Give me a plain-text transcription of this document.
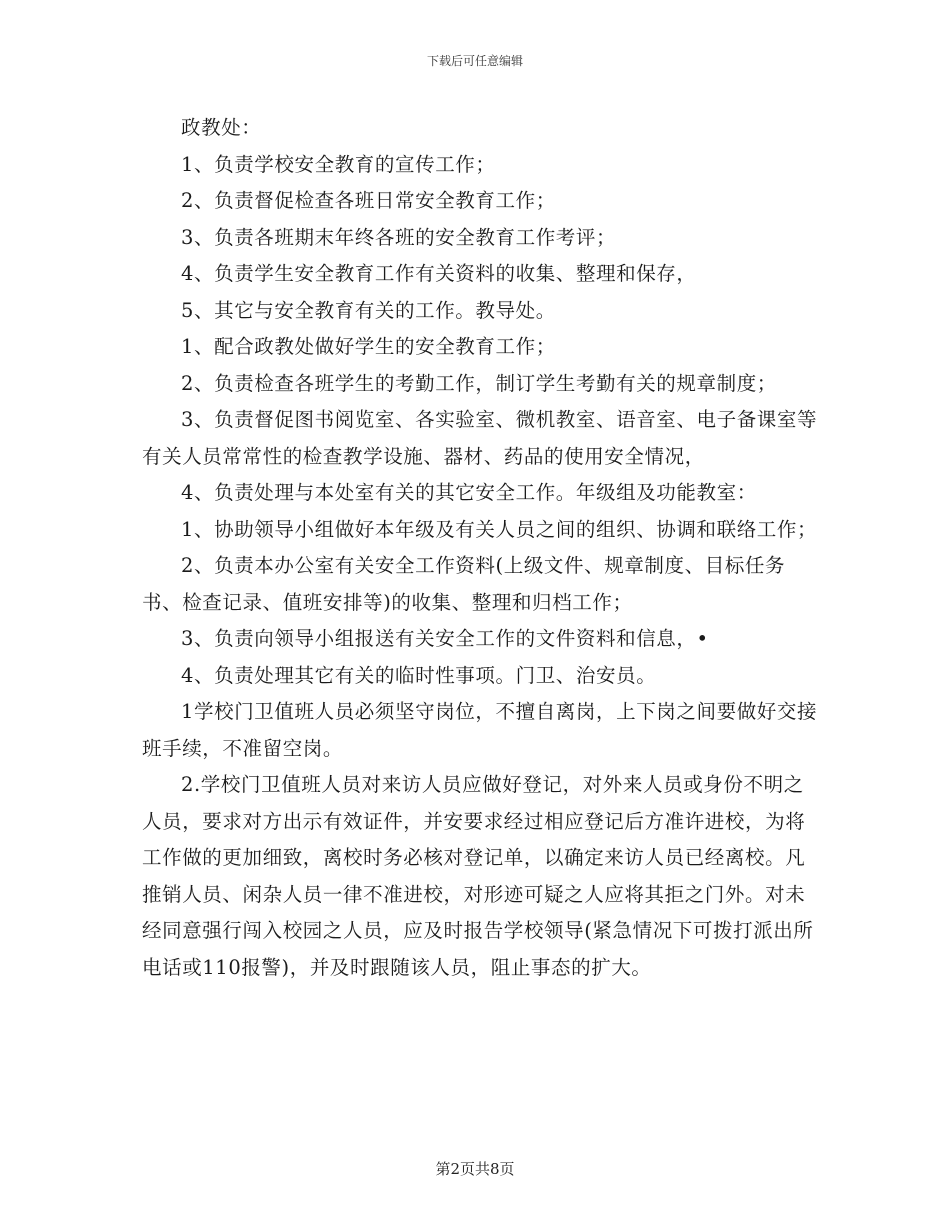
下载后可任意编辑

政教处：

1、负责学校安全教育的宣传工作；

2、负责督促检查各班日常安全教育工作；

3、负责各班期末年终各班的安全教育工作考评；

4、负责学生安全教育工作有关资料的收集、整理和保存，

5、其它与安全教育有关的工作。教导处。

1、配合政教处做好学生的安全教育工作；

2、负责检查各班学生的考勤工作，制订学生考勤有关的规章制度；

3、负责督促图书阅览室、各实验室、微机教室、语音室、电子备课室等有关人员常常性的检查教学设施、器材、药品的使用安全情况，

4、负责处理与本处室有关的其它安全工作。年级组及功能教室：

1、协助领导小组做好本年级及有关人员之间的组织、协调和联络工作；

2、负责本办公室有关安全工作资料(上级文件、规章制度、目标任务书、检查记录、值班安排等)的收集、整理和归档工作；

3、负责向领导小组报送有关安全工作的文件资料和信息，•

4、负责处理其它有关的临时性事项。门卫、治安员。

1学校门卫值班人员必须坚守岗位，不擅自离岗，上下岗之间要做好交接班手续，不准留空岗。

2.学校门卫值班人员对来访人员应做好登记，对外来人员或身份不明之人员，要求对方出示有效证件，并安要求经过相应登记后方准许进校，为将工作做的更加细致，离校时务必核对登记单，以确定来访人员已经离校。凡推销人员、闲杂人员一律不准进校，对形迹可疑之人应将其拒之门外。对未经同意强行闯入校园之人员，应及时报告学校领导(紧急情况下可拨打派出所电话或110报警)，并及时跟随该人员，阻止事态的扩大。

第2页共8页
